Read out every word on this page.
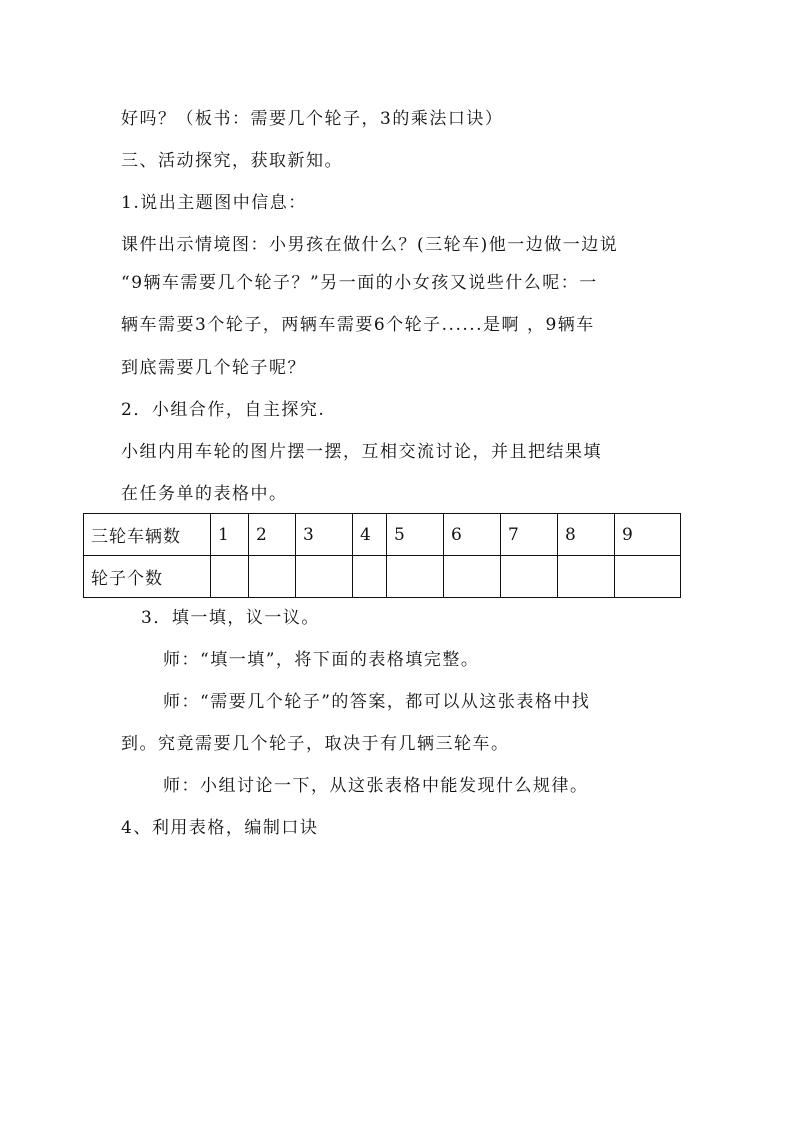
好吗？（板书：需要几个轮子，3的乘法口诀）
三、活动探究，获取新知。
1.说出主题图中信息：
课件出示情境图：小男孩在做什么？(三轮车)他一边做一边说
“9辆车需要几个轮子？”另一面的小女孩又说些什么呢：一
辆车需要3个轮子，两辆车需要6个轮子......是啊 ，9辆车
到底需要几个轮子呢？
2．小组合作，自主探究.
小组内用车轮的图片摆一摆，互相交流讨论，并且把结果填
在任务单的表格中。
三轮车辆数	1	2	3	4	5	6	7	8	9
轮子个数									
3．填一填，议一议。
师：“填一填”，将下面的表格填完整。
师：“需要几个轮子”的答案，都可以从这张表格中找
到。究竟需要几个轮子，取决于有几辆三轮车。
师：小组讨论一下，从这张表格中能发现什么规律。
4、利用表格，编制口诀
